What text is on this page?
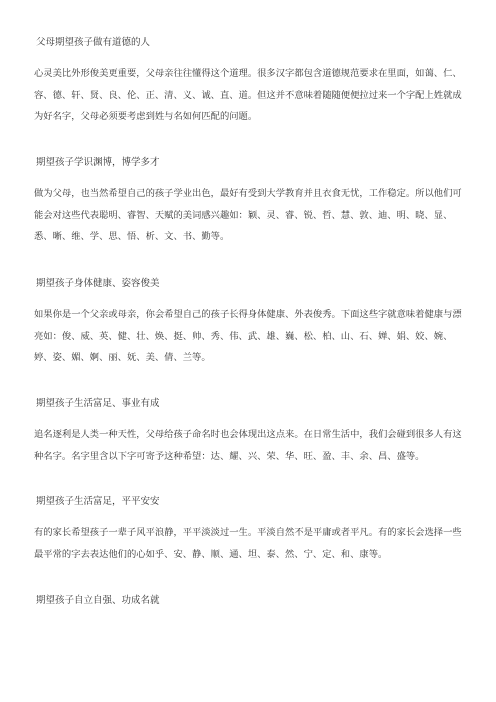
父母期望孩子做有道德的人
心灵美比外形俊美更重要，父母亲往往懂得这个道理。很多汉字都包含道德规范要求在里面，如蔼、仁、容、德、轩、贤、良、伦、正、清、义、诚、直、道。但这并不意味着随随便便拉过来一个字配上姓就成为好名字，父母必须要考虑到姓与名如何匹配的问题。
期望孩子学识渊博，博学多才
做为父母，也当然希望自己的孩子学业出色，最好有受到大学教育并且衣食无忧，工作稳定。所以他们可能会对这些代表聪明、睿智、天赋的美词感兴趣如：颖、灵、睿、锐、哲、慧、敦、迪、明、晓、显、悉、晰、维、学、思、悟、析、文、书、勤等。
期望孩子身体健康、姿容俊美
如果你是一个父亲或母亲，你会希望自己的孩子长得身体健康、外表俊秀。下面这些字就意味着健康与漂亮如：俊、威、英、健、壮、焕、挺、帅、秀、伟、武、雄、巍、松、柏、山、石、婵、娟、姣、婉、婷、姿、媚、婀、丽、妩、美、倩、兰等。
期望孩子生活富足、事业有成
追名逐利是人类一种天性，父母给孩子命名时也会体现出这点来。在日常生活中，我们会碰到很多人有这种名字。名字里含以下字可寄予这种希望：达、耀、兴、荣、华、旺、盈、丰、余、昌、盛等。
期望孩子生活富足，平平安安
有的家长希望孩子一辈子风平浪静，平平淡淡过一生。平淡自然不是平庸或者平凡。有的家长会选择一些最平常的字去表达他们的心如乎、安、静、顺、通、坦、泰、然、宁、定、和、康等。
期望孩子自立自强、功成名就
